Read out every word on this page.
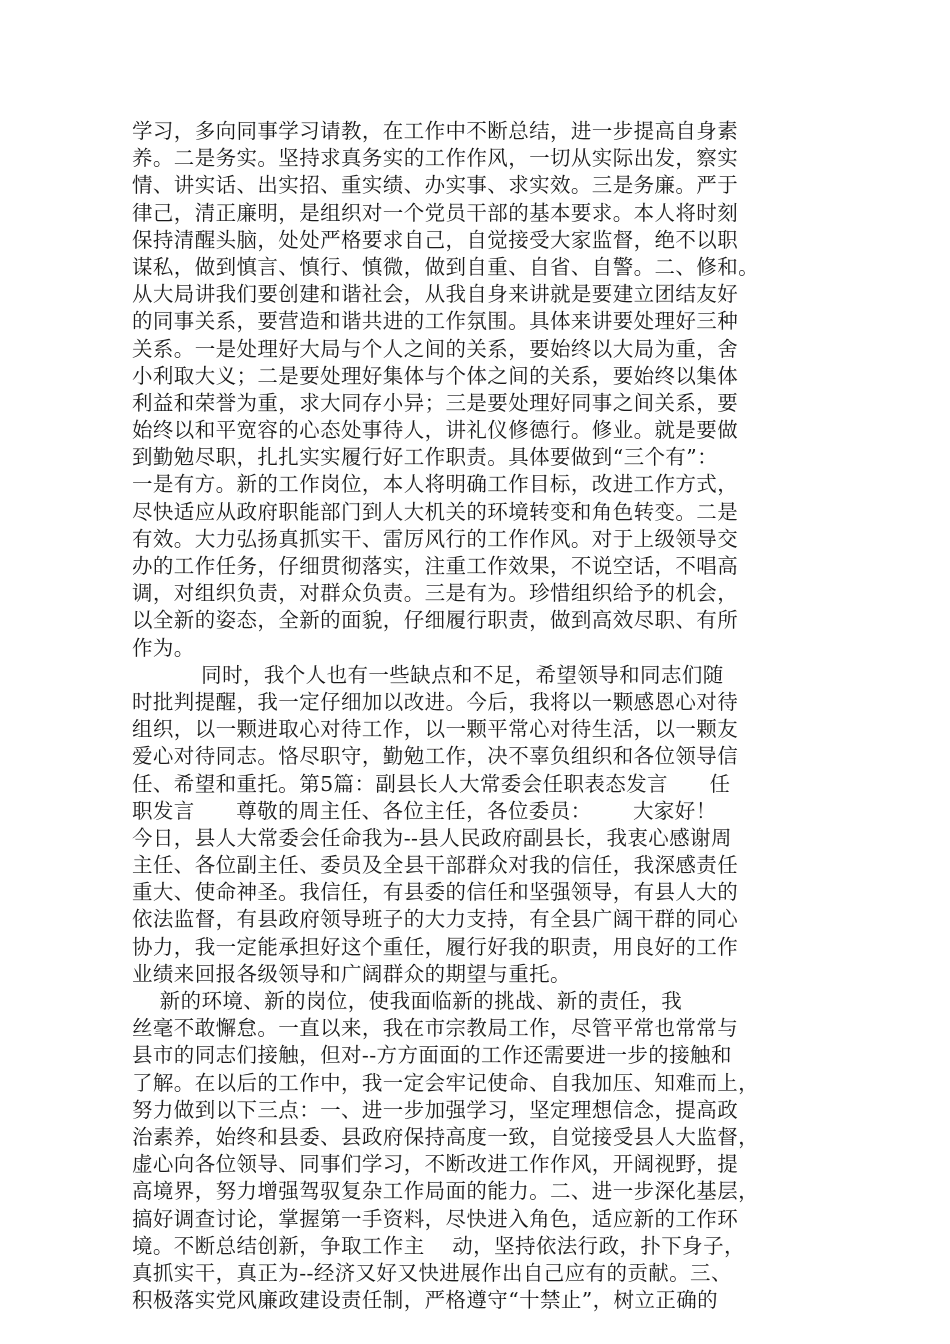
学习，多向同事学习请教，在工作中不断总结，进一步提高自身素
养。二是务实。坚持求真务实的工作作风，一切从实际出发，察实
情、讲实话、出实招、重实绩、办实事、求实效。三是务廉。严于
律己，清正廉明，是组织对一个党员干部的基本要求。本人将时刻
保持清醒头脑，处处严格要求自己，自觉接受大家监督，绝不以职
谋私，做到慎言、慎行、慎微，做到自重、自省、自警。二、修和。
从大局讲我们要创建和谐社会，从我自身来讲就是要建立团结友好
的同事关系，要营造和谐共进的工作氛围。具体来讲要处理好三种
关系。一是处理好大局与个人之间的关系，要始终以大局为重，舍
小利取大义；二是要处理好集体与个体之间的关系，要始终以集体
利益和荣誉为重，求大同存小异；三是要处理好同事之间关系，要
始终以和平宽容的心态处事待人，讲礼仪修德行。修业。就是要做
到勤勉尽职，扎扎实实履行好工作职责。具体要做到“三个有”：
一是有方。新的工作岗位，本人将明确工作目标，改进工作方式，
尽快适应从政府职能部门到人大机关的环境转变和角色转变。二是
有效。大力弘扬真抓实干、雷厉风行的工作作风。对于上级领导交
办的工作任务，仔细贯彻落实，注重工作效果，不说空话，不唱高
调，对组织负责，对群众负责。三是有为。珍惜组织给予的机会，
以全新的姿态，全新的面貌，仔细履行职责，做到高效尽职、有所
作为。
同时，我个人也有一些缺点和不足，希望领导和同志们随
时批判提醒，我一定仔细加以改进。今后，我将以一颗感恩心对待
组织，以一颗进取心对待工作，以一颗平常心对待生活，以一颗友
爱心对待同志。恪尽职守，勤勉工作，决不辜负组织和各位领导信
任、希望和重托。第5篇：副县长人大常委会任职表态发言      任
职发言      尊敬的周主任、各位主任，各位委员：      大家好！
今日，县人大常委会任命我为--县人民政府副县长，我衷心感谢周
主任、各位副主任、委员及全县干部群众对我的信任，我深感责任
重大、使命神圣。我信任，有县委的信任和坚强领导，有县人大的
依法监督，有县政府领导班子的大力支持，有全县广阔干群的同心
协力，我一定能承担好这个重任，履行好我的职责，用良好的工作
业绩来回报各级领导和广阔群众的期望与重托。
新的环境、新的岗位，使我面临新的挑战、新的责任，我
丝毫不敢懈怠。一直以来，我在市宗教局工作，尽管平常也常常与
县市的同志们接触，但对--方方面面的工作还需要进一步的接触和
了解。在以后的工作中，我一定会牢记使命、自我加压、知难而上，
努力做到以下三点：一、进一步加强学习，坚定理想信念，提高政
治素养，始终和县委、县政府保持高度一致，自觉接受县人大监督，
虚心向各位领导、同事们学习，不断改进工作作风，开阔视野，提
高境界，努力增强驾驭复杂工作局面的能力。二、进一步深化基层，
搞好调查讨论，掌握第一手资料，尽快进入角色，适应新的工作环
境。不断总结创新，争取工作主    动，坚持依法行政，扑下身子，
真抓实干，真正为--经济又好又快进展作出自己应有的贡献。三、
积极落实党风廉政建设责任制，严格遵守“十禁止”，树立正确的
